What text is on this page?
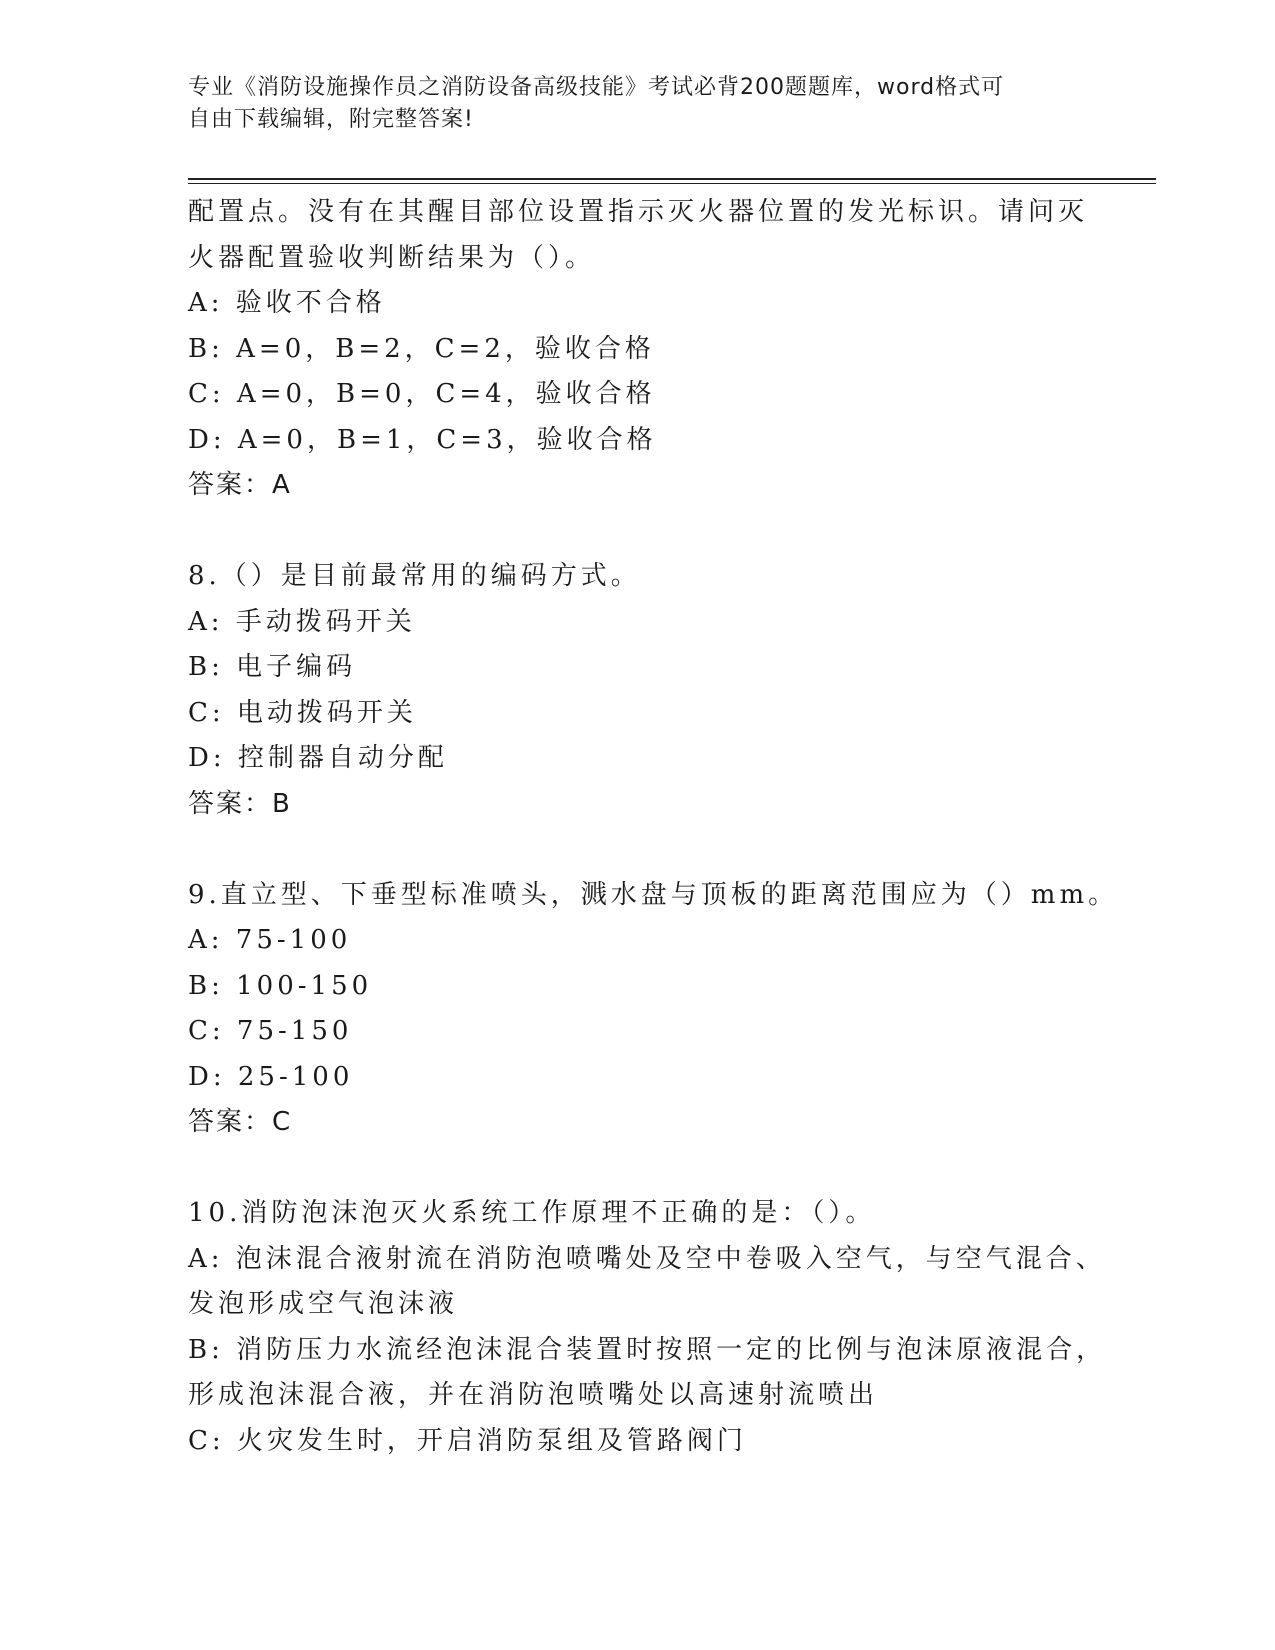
专业《消防设施操作员之消防设备高级技能》考试必背200题题库，word格式可
自由下载编辑，附完整答案!
配置点。没有在其醒目部位设置指示灭火器位置的发光标识。请问灭
火器配置验收判断结果为（）。
A: 验收不合格
B: A=0，B=2，C=2，验收合格
C: A=0，B=0，C=4，验收合格
D: A=0，B=1，C=3，验收合格
答案：A
8.（）是目前最常用的编码方式。
A: 手动拨码开关
B: 电子编码
C: 电动拨码开关
D: 控制器自动分配
答案：B
9.直立型、下垂型标准喷头，溅水盘与顶板的距离范围应为（）mm。
A: 75-100
B: 100-150
C: 75-150
D: 25-100
答案：C
10.消防泡沫泡灭火系统工作原理不正确的是：（）。
A: 泡沫混合液射流在消防泡喷嘴处及空中卷吸入空气，与空气混合、
发泡形成空气泡沫液
B: 消防压力水流经泡沫混合装置时按照一定的比例与泡沫原液混合，
形成泡沫混合液，并在消防泡喷嘴处以高速射流喷出
C: 火灾发生时，开启消防泵组及管路阀门
